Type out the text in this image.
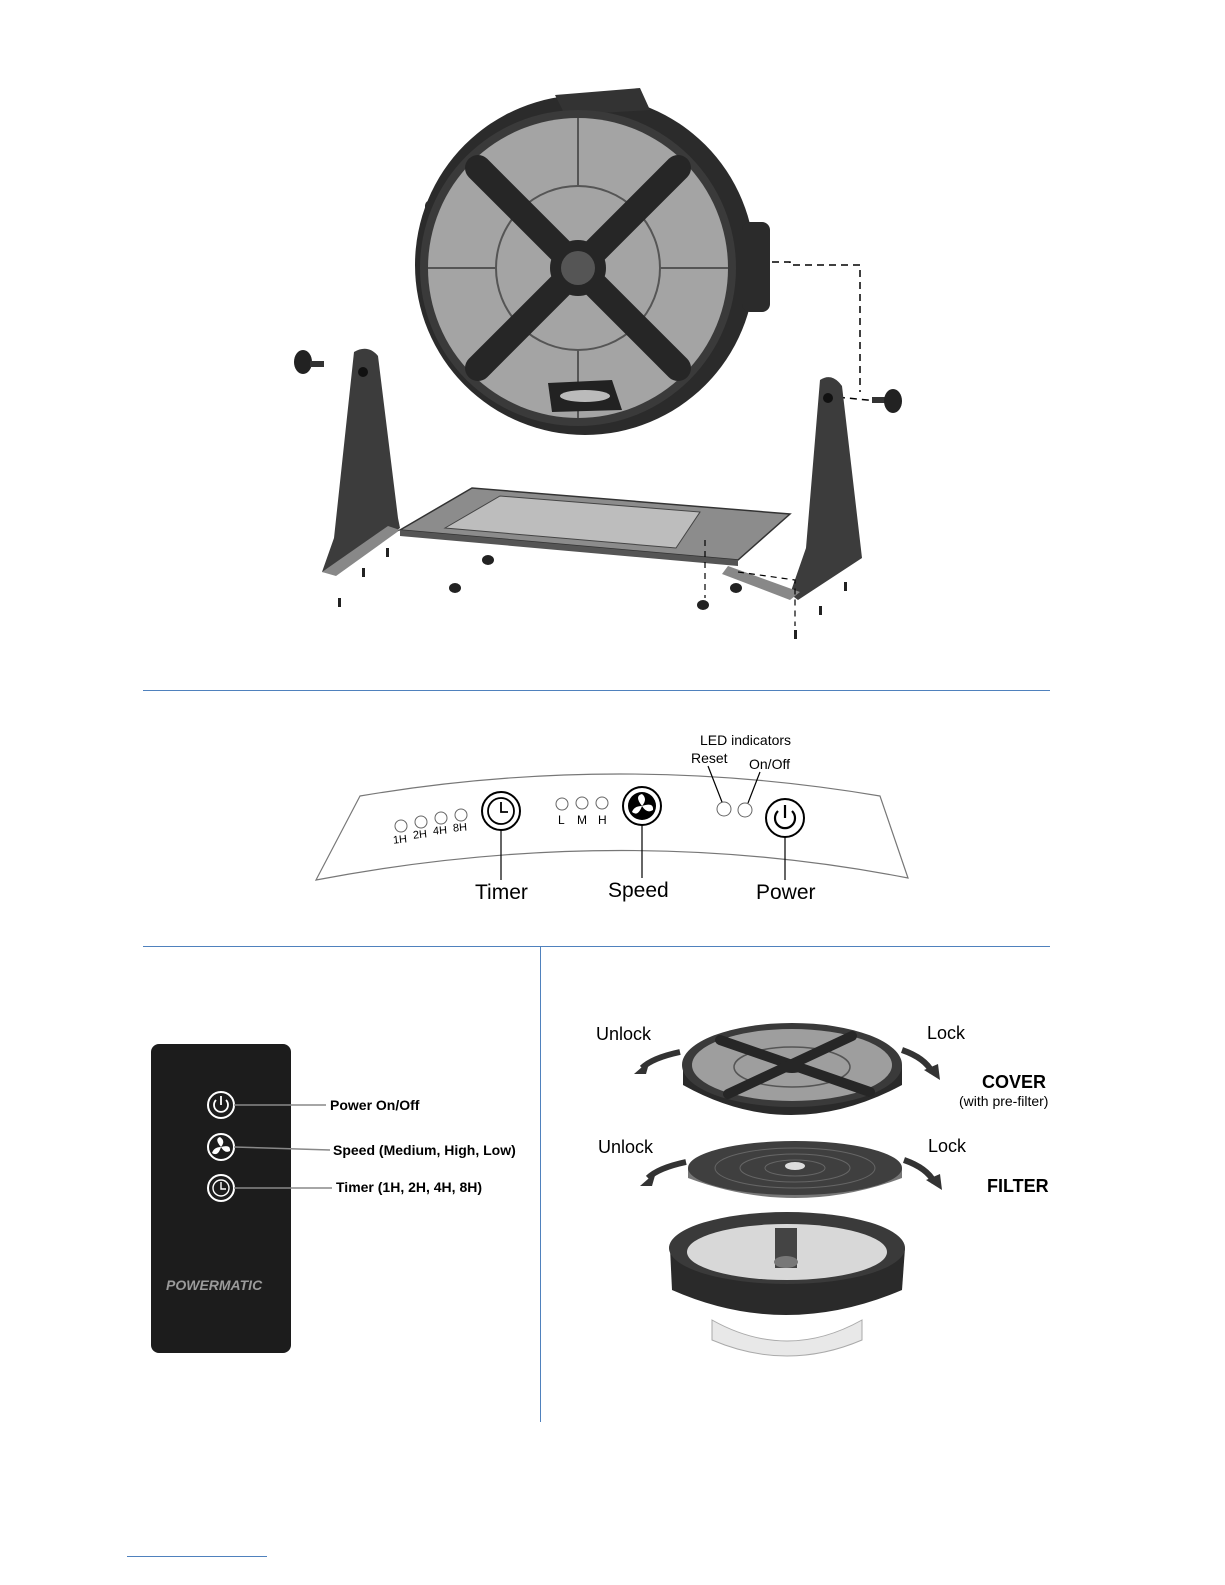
LED indicators
Reset On/Off
1H 2H 4H 8H
L M H
Timer	Speed	Power
POWERMATIC
Power On/Off
Speed (Medium, High, Low)
Timer (1H, 2H, 4H, 8H)
Unlock	Lock
COVER
(with pre-filter)
Unlock	Lock
FILTER
